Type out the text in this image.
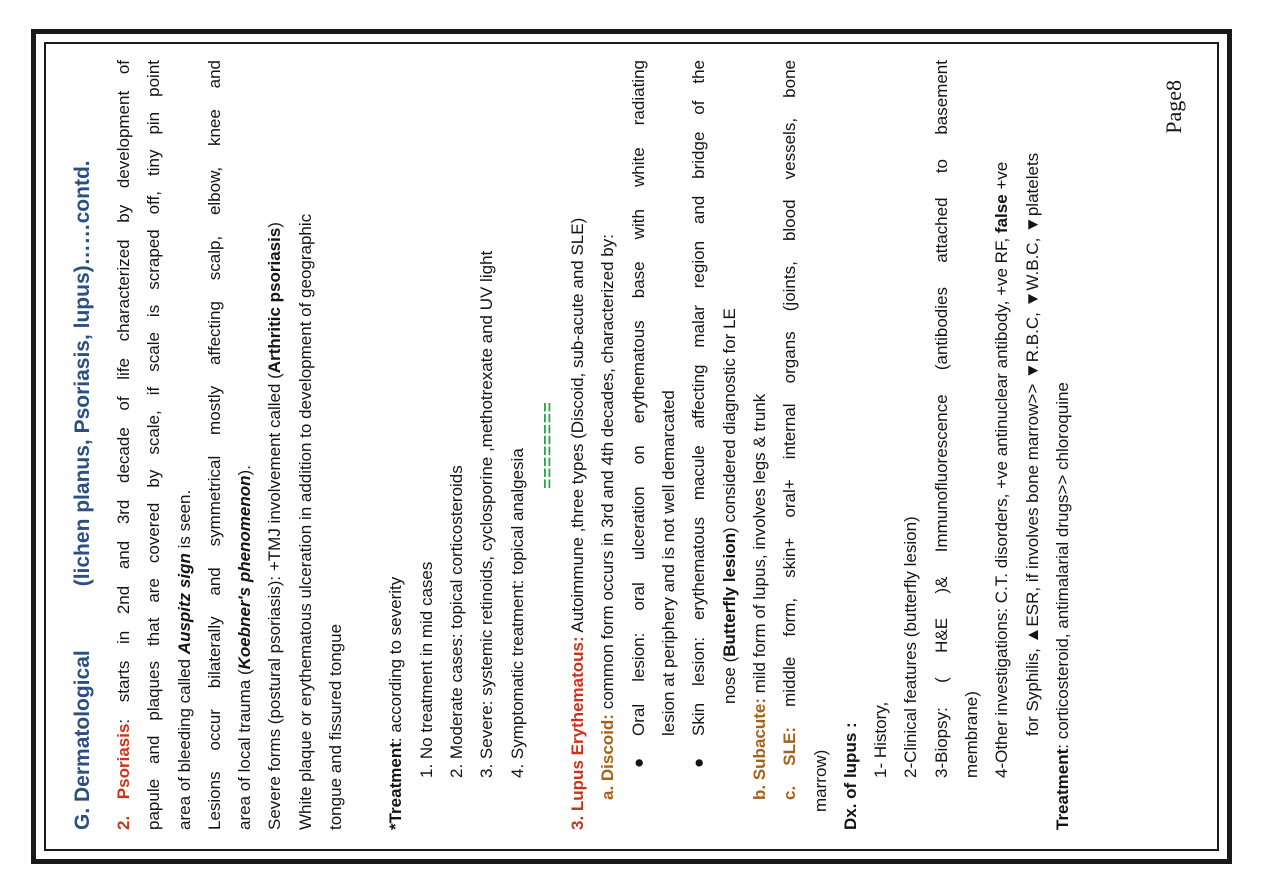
G. Dermatological(lichen planus, Psoriasis, lupus)……contd.

2. Psoriasis: starts in 2nd and 3rd decade of life characterized by development of papule and plaques that are covered by scale, if scale is scraped off, tiny pin point area of bleeding called Auspitz sign is seen. Lesions occur bilaterally and symmetrical mostly affecting scalp, elbow, knee and area of local trauma (Koebner's phenomenon). Severe forms (postural psoriasis): +TMJ involvement called (Arthritic psoriasis) White plaque or erythematous ulceration in addition to development of geographic tongue and fissured tongue	*Treatment: according to severity 1. No treatment in mid cases 2. Moderate cases: topical corticosteroids 3. Severe: systemic retinoids, cyclosporine ,methotrexate and UV light 4. Symptomatic treatment: topical analgesia

========

3. Lupus Erythematous: Autoimmune ,three types (Discoid, sub-acute and SLE)

a. Discoid: common form occurs in 3rd and 4th decades, characterized by:

●
Oral lesion: oral ulceration on erythematous base with white radiating lesion at periphery and is not well demarcated

●
Skin lesion: erythematous macule affecting malar region and bridge of the nose (Butterfly lesion) considered diagnostic for LE

b. Subacute: mild form of lupus, involves legs & trunk

c. SLE: middle form, skin+ oral+ internal organs (joints, blood vessels, bone

marrow) Dx. of lupus : 1- History, 2-Clinical features (butterfly lesion) 3-Biopsy: ( H&E )& Immunofluorescence (antibodies attached to basement membrane) 4-Other investigations: C.T. disorders, +ve antinuclear antibody, +ve RF, false +ve for Syphilis, ▲ESR, if involves bone marrow>> ▼R.B.C, ▼W.B.C, ▼platelets

Treatment: corticosteroid, antimalarial drugs>> chloroquine

Page8
